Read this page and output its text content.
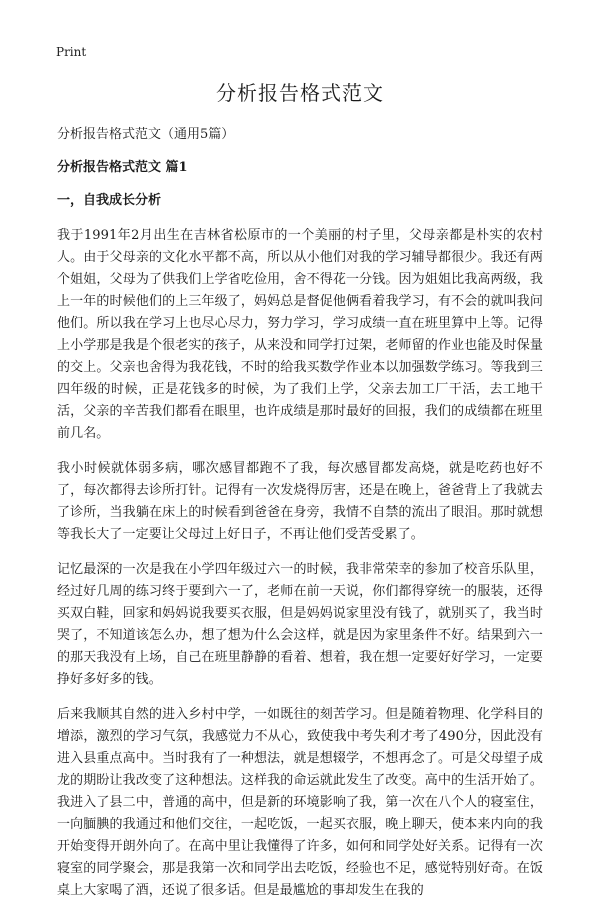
Print
分析报告格式范文
分析报告格式范文（通用5篇）
分析报告格式范文 篇1
一，自我成长分析

我于1991年2月出生在吉林省松原市的一个美丽的村子里，父母亲都是朴实的农村人。由于父母亲的文化水平都不高，所以从小他们对我的学习辅导都很少。我还有两个姐姐，父母为了供我们上学省吃俭用，舍不得花一分钱。因为姐姐比我高两级，我上一年的时候他们的上三年级了，妈妈总是督促他俩看着我学习，有不会的就叫我问他们。所以我在学习上也尽心尽力，努力学习，学习成绩一直在班里算中上等。记得上小学那是我是个很老实的孩子，从来没和同学打过架，老师留的作业也能及时保量的交上。父亲也舍得为我花钱，不时的给我买数学作业本以加强数学练习。等我到三四年级的时候，正是花钱多的时候，为了我们上学，父亲去加工厂干活，去工地干活，父亲的辛苦我们都看在眼里，也许成绩是那时最好的回报，我们的成绩都在班里前几名。

我小时候就体弱多病，哪次感冒都跑不了我，每次感冒都发高烧，就是吃药也好不了，每次都得去诊所打针。记得有一次发烧得厉害，还是在晚上，爸爸背上了我就去了诊所，当我躺在床上的时候看到爸爸在身旁，我情不自禁的流出了眼泪。那时就想等我长大了一定要让父母过上好日子，不再让他们受苦受累了。

记忆最深的一次是我在小学四年级过六一的时候，我非常荣幸的参加了校音乐队里，经过好几周的练习终于要到六一了，老师在前一天说，你们都得穿统一的服装，还得买双白鞋，回家和妈妈说我要买衣服，但是妈妈说家里没有钱了，就别买了，我当时哭了，不知道该怎么办，想了想为什么会这样，就是因为家里条件不好。结果到六一的那天我没有上场，自己在班里静静的看着、想着，我在想一定要好好学习，一定要挣好多好多的钱。

后来我顺其自然的进入乡村中学，一如既往的刻苦学习。但是随着物理、化学科目的增添，激烈的学习气氛，我感觉力不从心，致使我中考失利才考了490分，因此没有进入县重点高中。当时我有了一种想法，就是想辍学，不想再念了。可是父母望子成龙的期盼让我改变了这种想法。这样我的命运就此发生了改变。高中的生活开始了。我进入了县二中，普通的高中，但是新的环境影响了我，第一次在八个人的寝室住，一向腼腆的我通过和他们交往，一起吃饭，一起买衣服，晚上聊天，使本来内向的我开始变得开朗外向了。在高中里让我懂得了许多，如何和同学处好关系。记得有一次寝室的同学聚会，那是我第一次和同学出去吃饭，经验也不足，感觉特别好奇。在饭桌上大家喝了酒，还说了很多话。但是最尴尬的事却发生在我的
